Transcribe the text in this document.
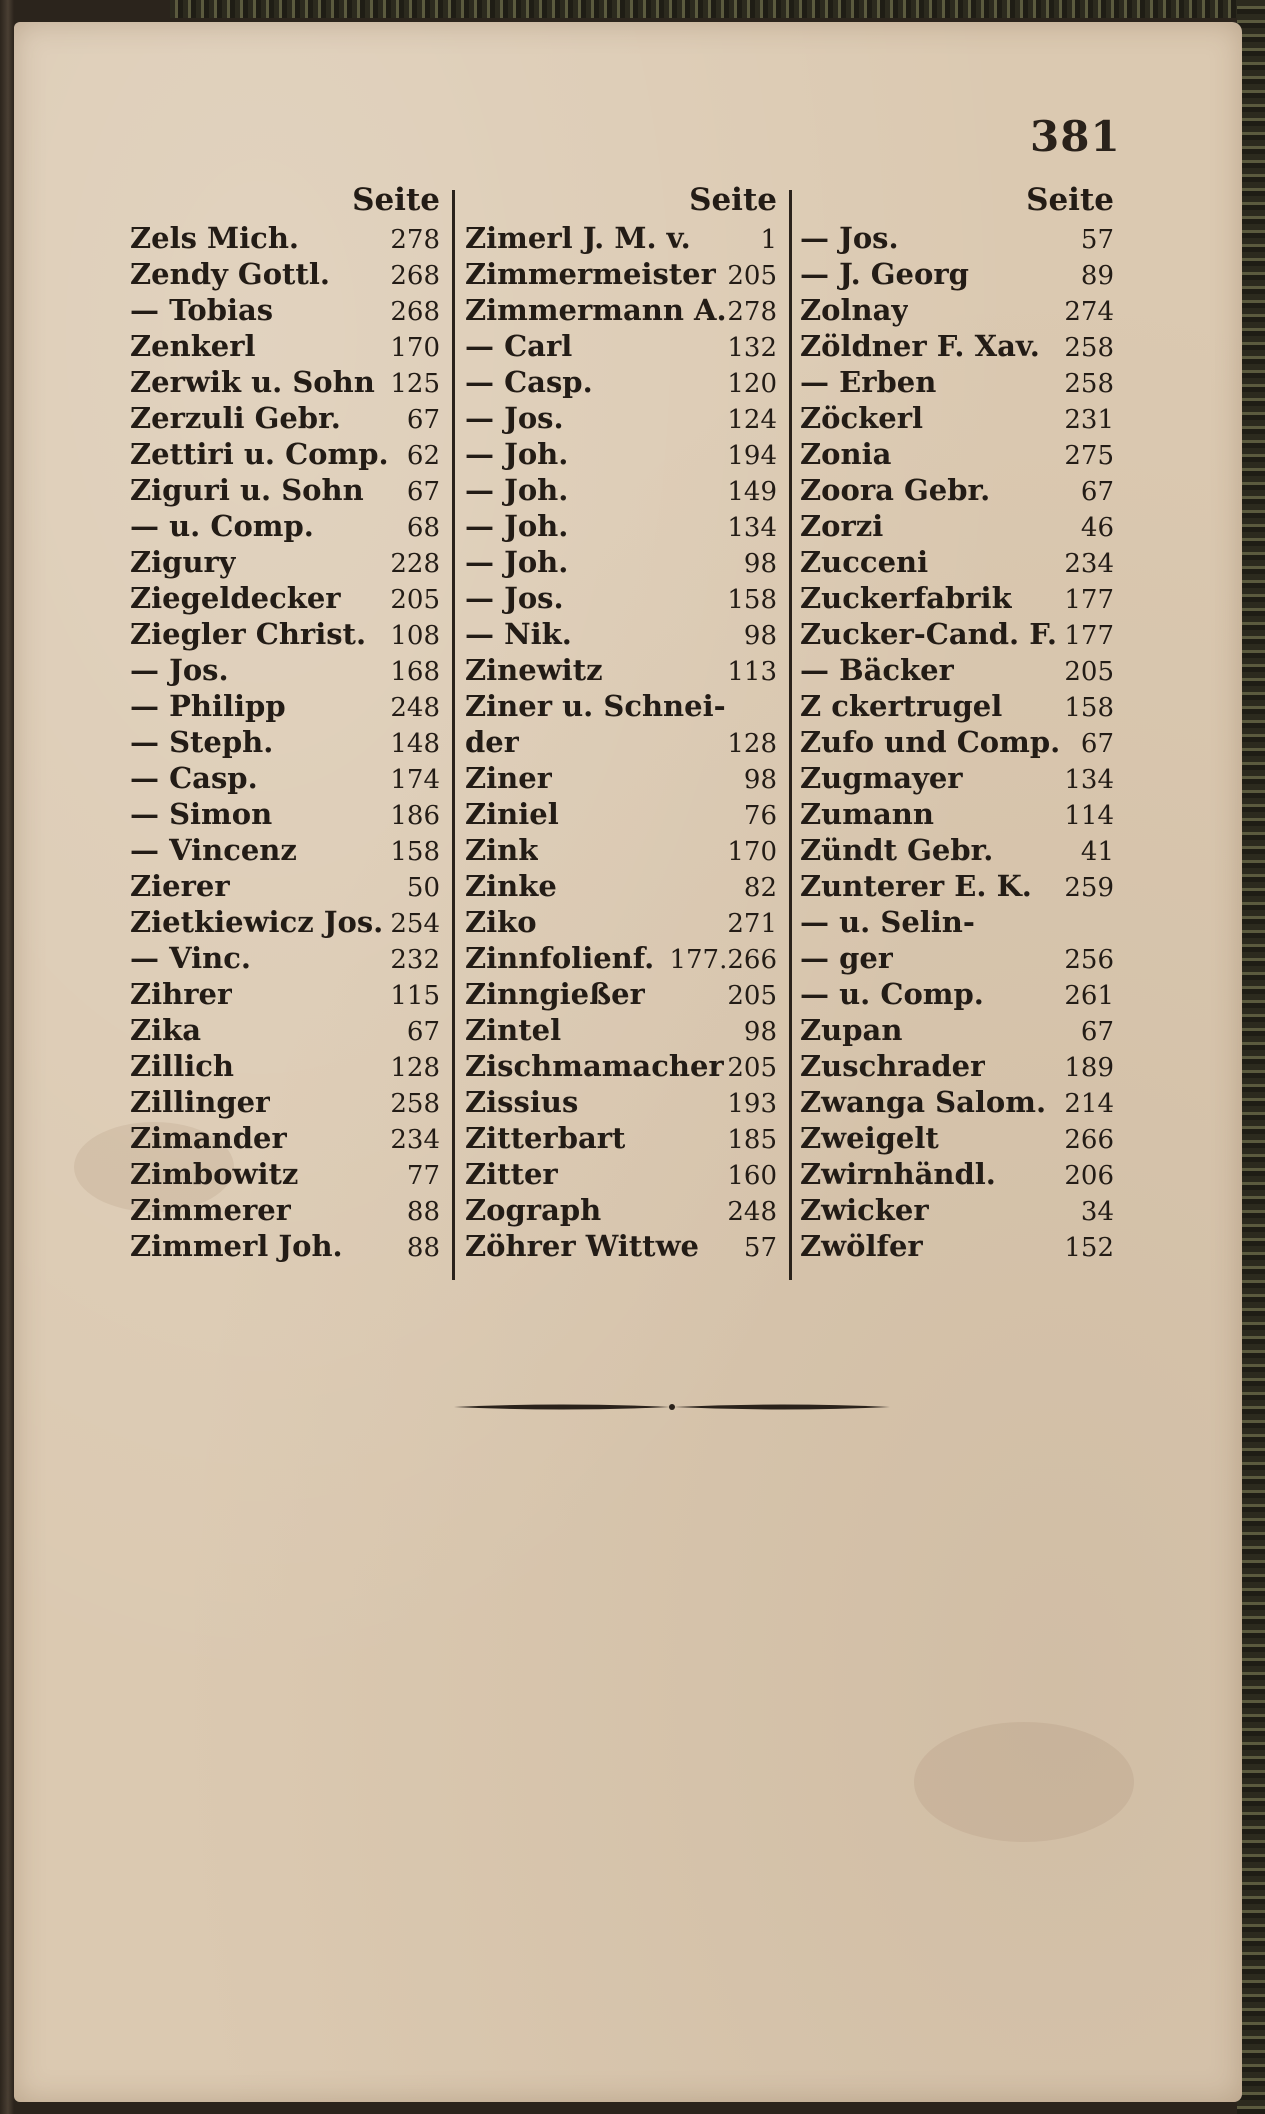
381
Seite
Zels Mich.	278
Zendy Gottl. 268
— Tobias	268
Zenkerl	170
Zerwik u. Sohn 125
Zerzuli Gebr.	67
Zettiri u. Comp. 62
Ziguri u. Sohn 67
— u. Comp.	68
Zigury	228
Ziegeldecker 205
Ziegler Christ. 108
— Jos.	168
— Philipp	248
— Steph.	148
— Casp.	174
— Simon	186
— Vincenz	158
Zierer	50
Zietkiewicz Jos. 254
— Vinc.	232
Zihrer	115
Zika	67
Zillich	128
Zillinger	258
Zimander	234
Zimbowitz	77
Zimmerer	88
Zimmerl Joh. 88
Seite
Zimerl J. M. v.	1
Zimmermeister 205
Zimmermann A. 278
— Carl	132
— Casp.	120
— Jos.	124
— Joh.	194
— Joh.	149
— Joh.	134
— Joh.	98
— Jos.	158
— Nik.	98
Zinewitz	113
Ziner u. Schnei-
der	128
Ziner	98
Ziniel	76
Zink	170
Zinke	82
Ziko	271
Zinnfolienf. 177.266
Zinngießer	205
Zintel	98
Zischmamacher 205
Zissius	193
Zitterbart	185
Zitter	160
Zograph	248
Zöhrer Wittwe 57
Seite
— Jos.	57
— J. Georg	89
Zolnay	274
Zöldner F. Xav. 258
— Erben	258
Zöckerl	231
Zonia	275
Zoora Gebr.	67
Zorzi	46
Zucceni	234
Zuckerfabrik 177
Zucker-Cand. F. 177
— Bäcker	205
Z ckertrugel 158
Zufo und Comp. 67
Zugmayer	134
Zumann	114
Zündt Gebr.	41
Zunterer E. K. 259
— u. Selin-
— ger	256
— u. Comp.	261
Zupan	67
Zuschrader	189
Zwanga Salom. 214
Zweigelt	266
Zwirnhändl.	206
Zwicker	34
Zwölfer	152
